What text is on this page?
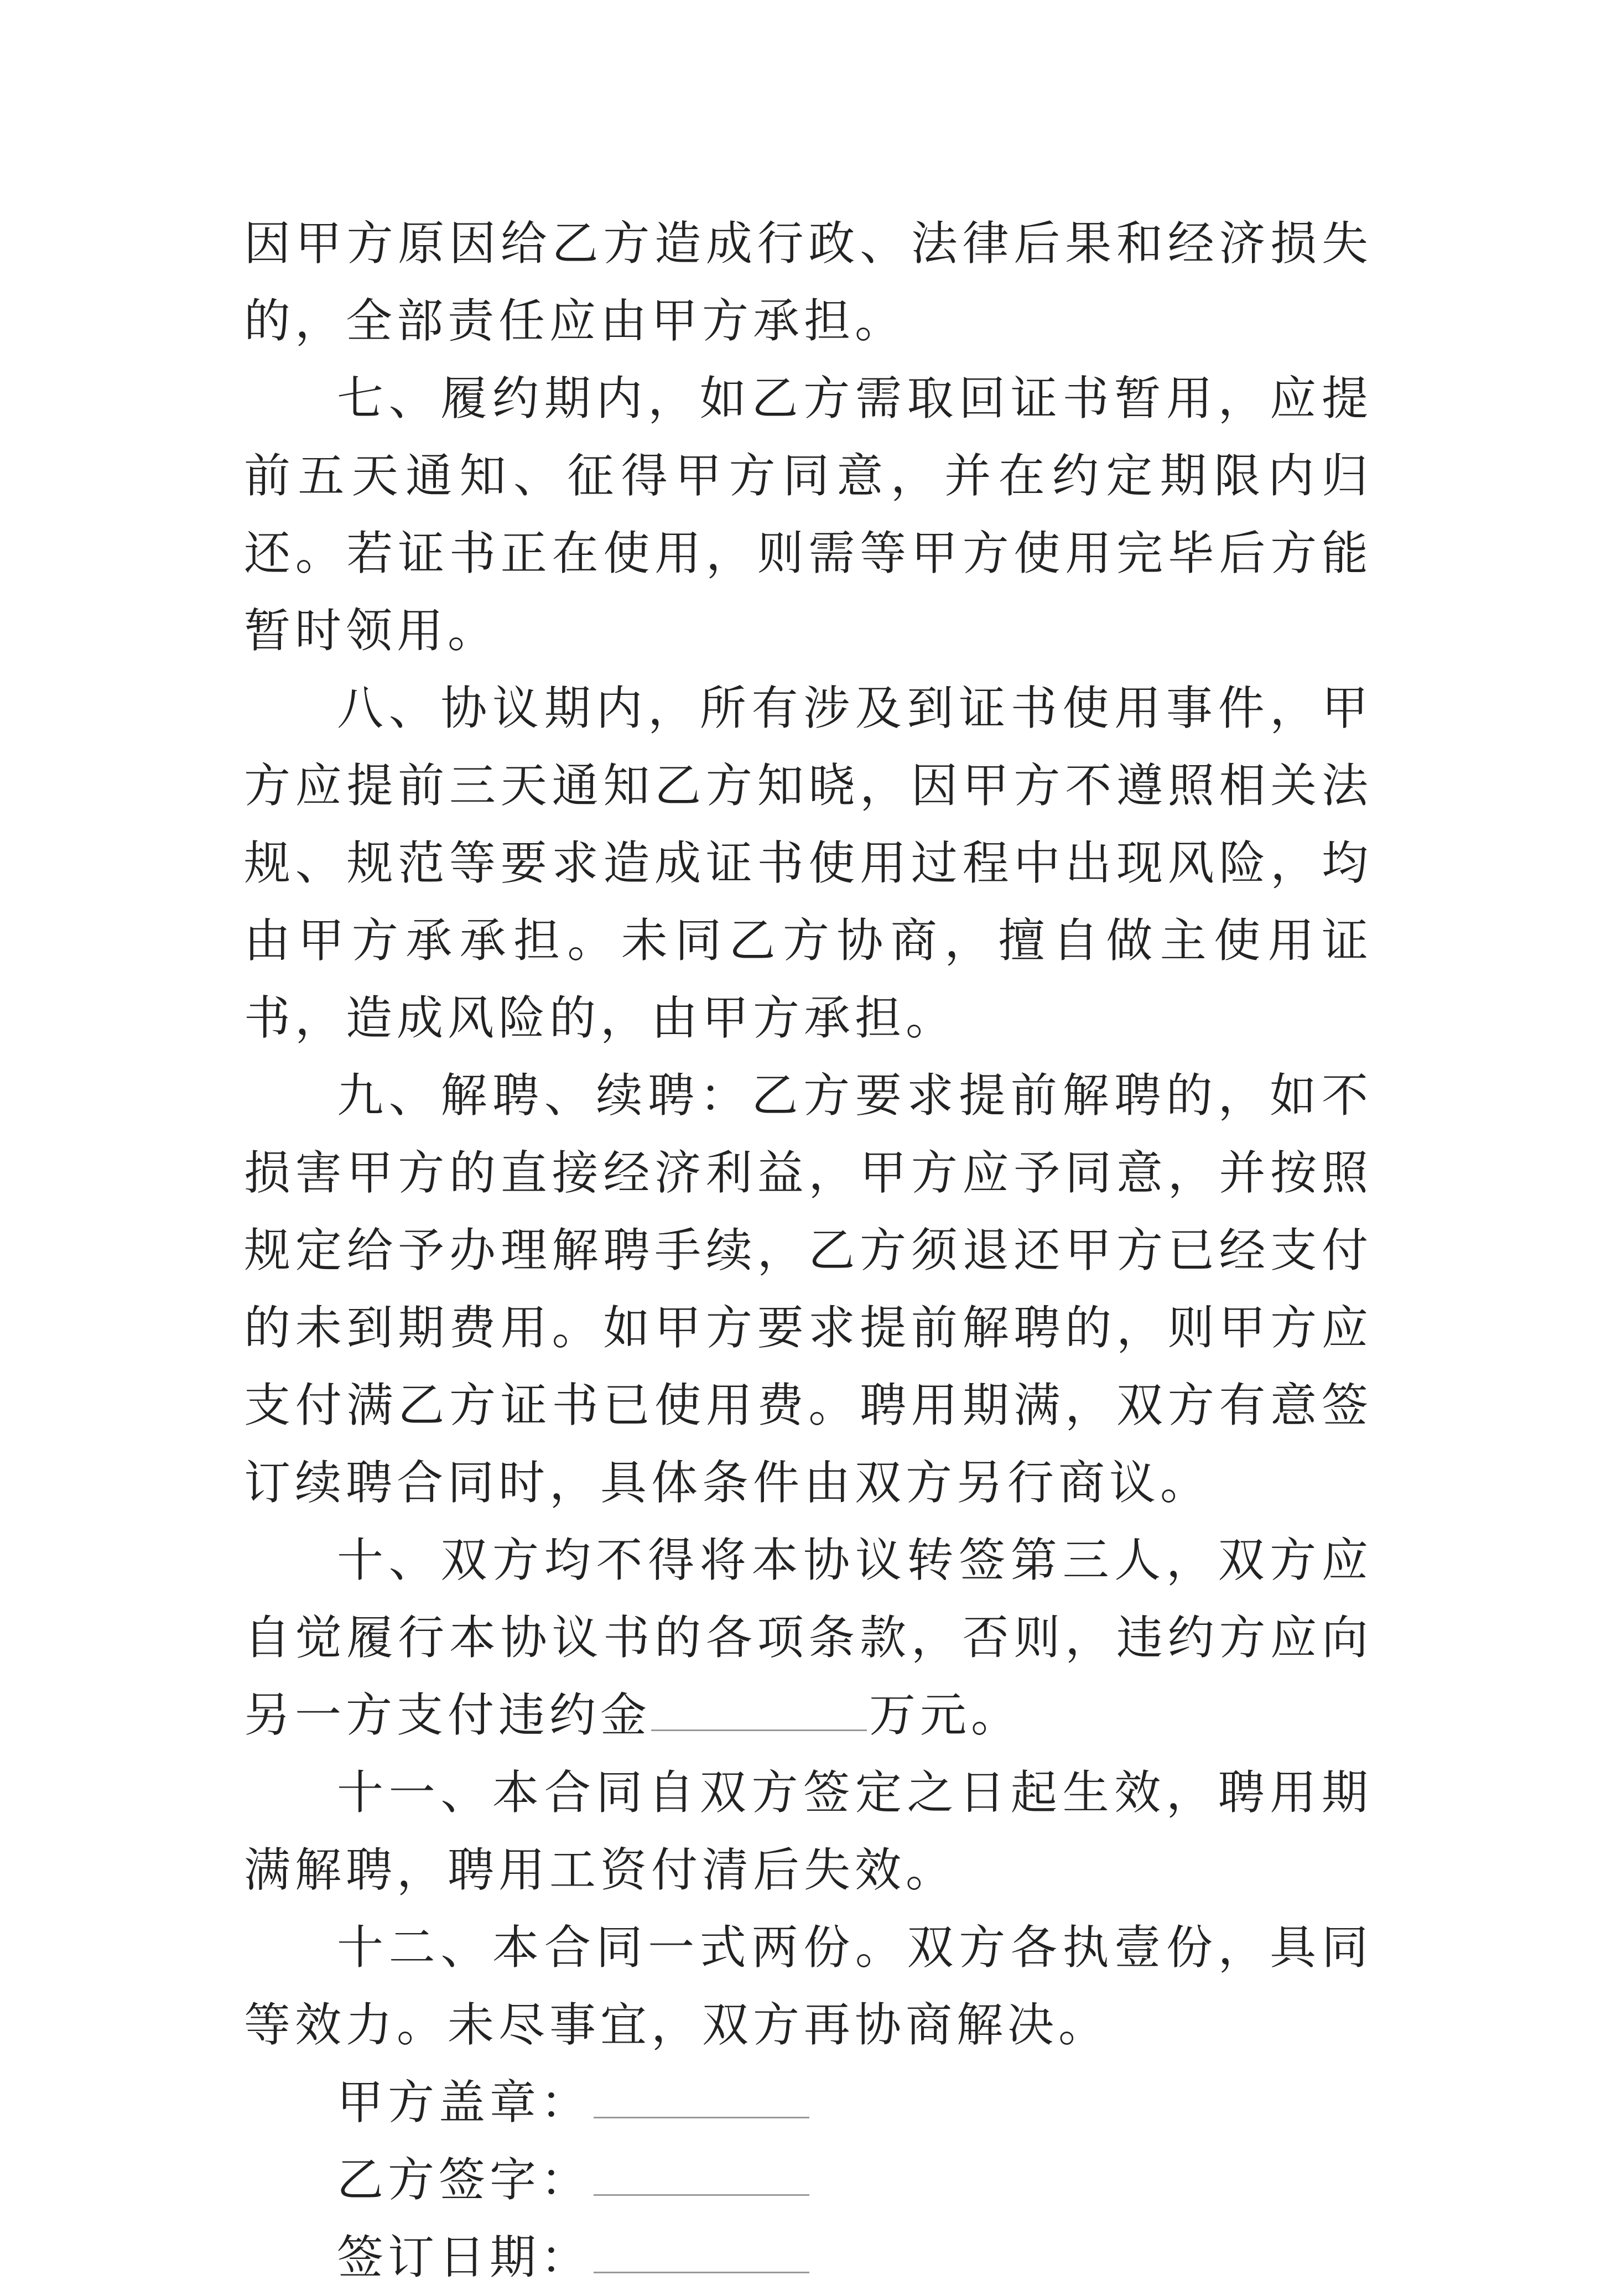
因甲方原因给乙方造成行政、法律后果和经济损失的，全部责任应由甲方承担。

七、履约期内，如乙方需取回证书暂用，应提前五天通知、征得甲方同意，并在约定期限内归还。若证书正在使用，则需等甲方使用完毕后方能暂时领用。

八、协议期内，所有涉及到证书使用事件，甲方应提前三天通知乙方知晓，因甲方不遵照相关法规、规范等要求造成证书使用过程中出现风险，均由甲方承承担。未同乙方协商，擅自做主使用证书，造成风险的，由甲方承担。

九、解聘、续聘：乙方要求提前解聘的，如不损害甲方的直接经济利益，甲方应予同意，并按照规定给予办理解聘手续，乙方须退还甲方已经支付的未到期费用。如甲方要求提前解聘的，则甲方应支付满乙方证书已使用费。聘用期满，双方有意签订续聘合同时，具体条件由双方另行商议。

十、双方均不得将本协议转签第三人，双方应自觉履行本协议书的各项条款，否则，违约方应向另一方支付违约金	万元。

十一、本合同自双方签定之日起生效，聘用期满解聘，聘用工资付清后失效。

十二、本合同一式两份。双方各执壹份，具同等效力。未尽事宜，双方再协商解决。

甲方盖章：

乙方签字：

签订日期：
